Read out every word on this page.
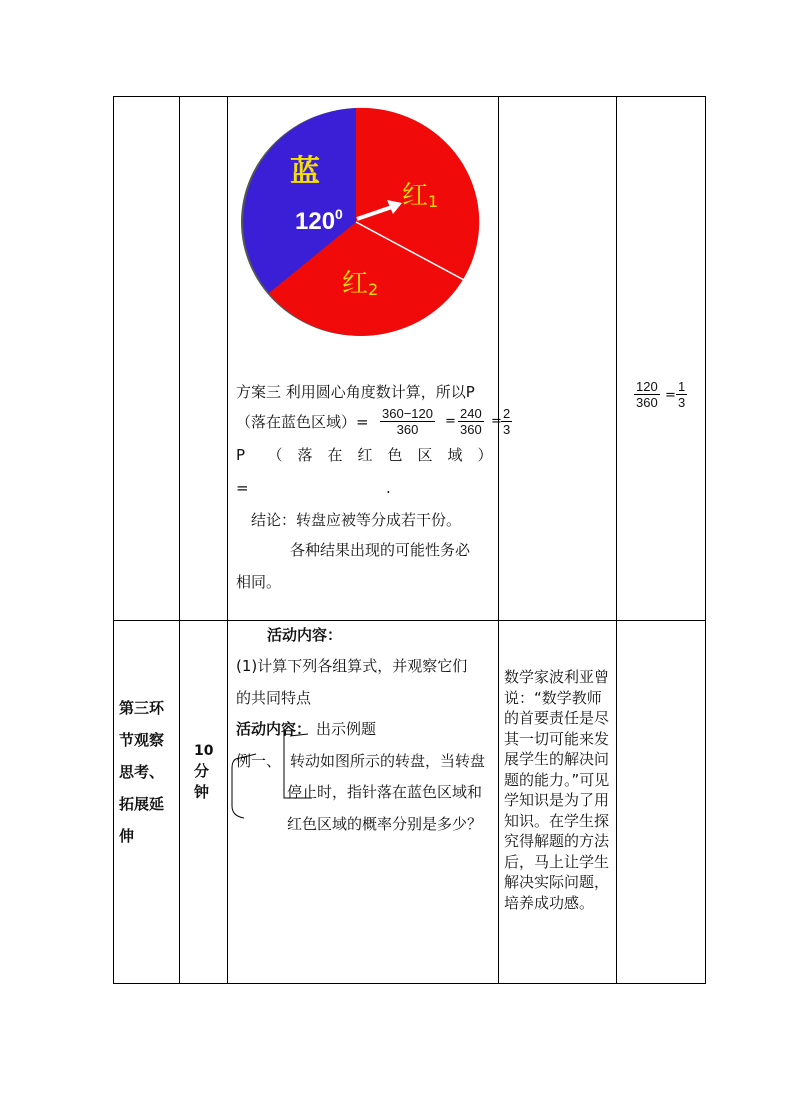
蓝
红1
红2
$120^0$
方案三 利用圆心角度数计算，所以P
（落在蓝色区域）= $\frac{360-120}{360} = \frac{240}{360} = \frac{2}{3}$
P　　（　落　在　红　色　区　域　）
=	.
结论：转盘应被等分成若干份。
各种结果出现的可能性务必
相同。
$\frac{120}{360} = \frac{1}{3}$
第三环
节观察
思考、
拓展延
伸
10
分
钟
活动内容：
(1)计算下列各组算式，并观察它们
的共同特点
活动内容： 出示例题
例一、 转动如图所示的转盘，当转盘
停止时，指针落在蓝色区域和
红色区域的概率分别是多少？
数学家波利亚曾说：“数学教师的首要责任是尽其一切可能来发展学生的解决问题的能力。”可见学知识是为了用知识。在学生探究得解题的方法后，马上让学生解决实际问题，培养成功感。
